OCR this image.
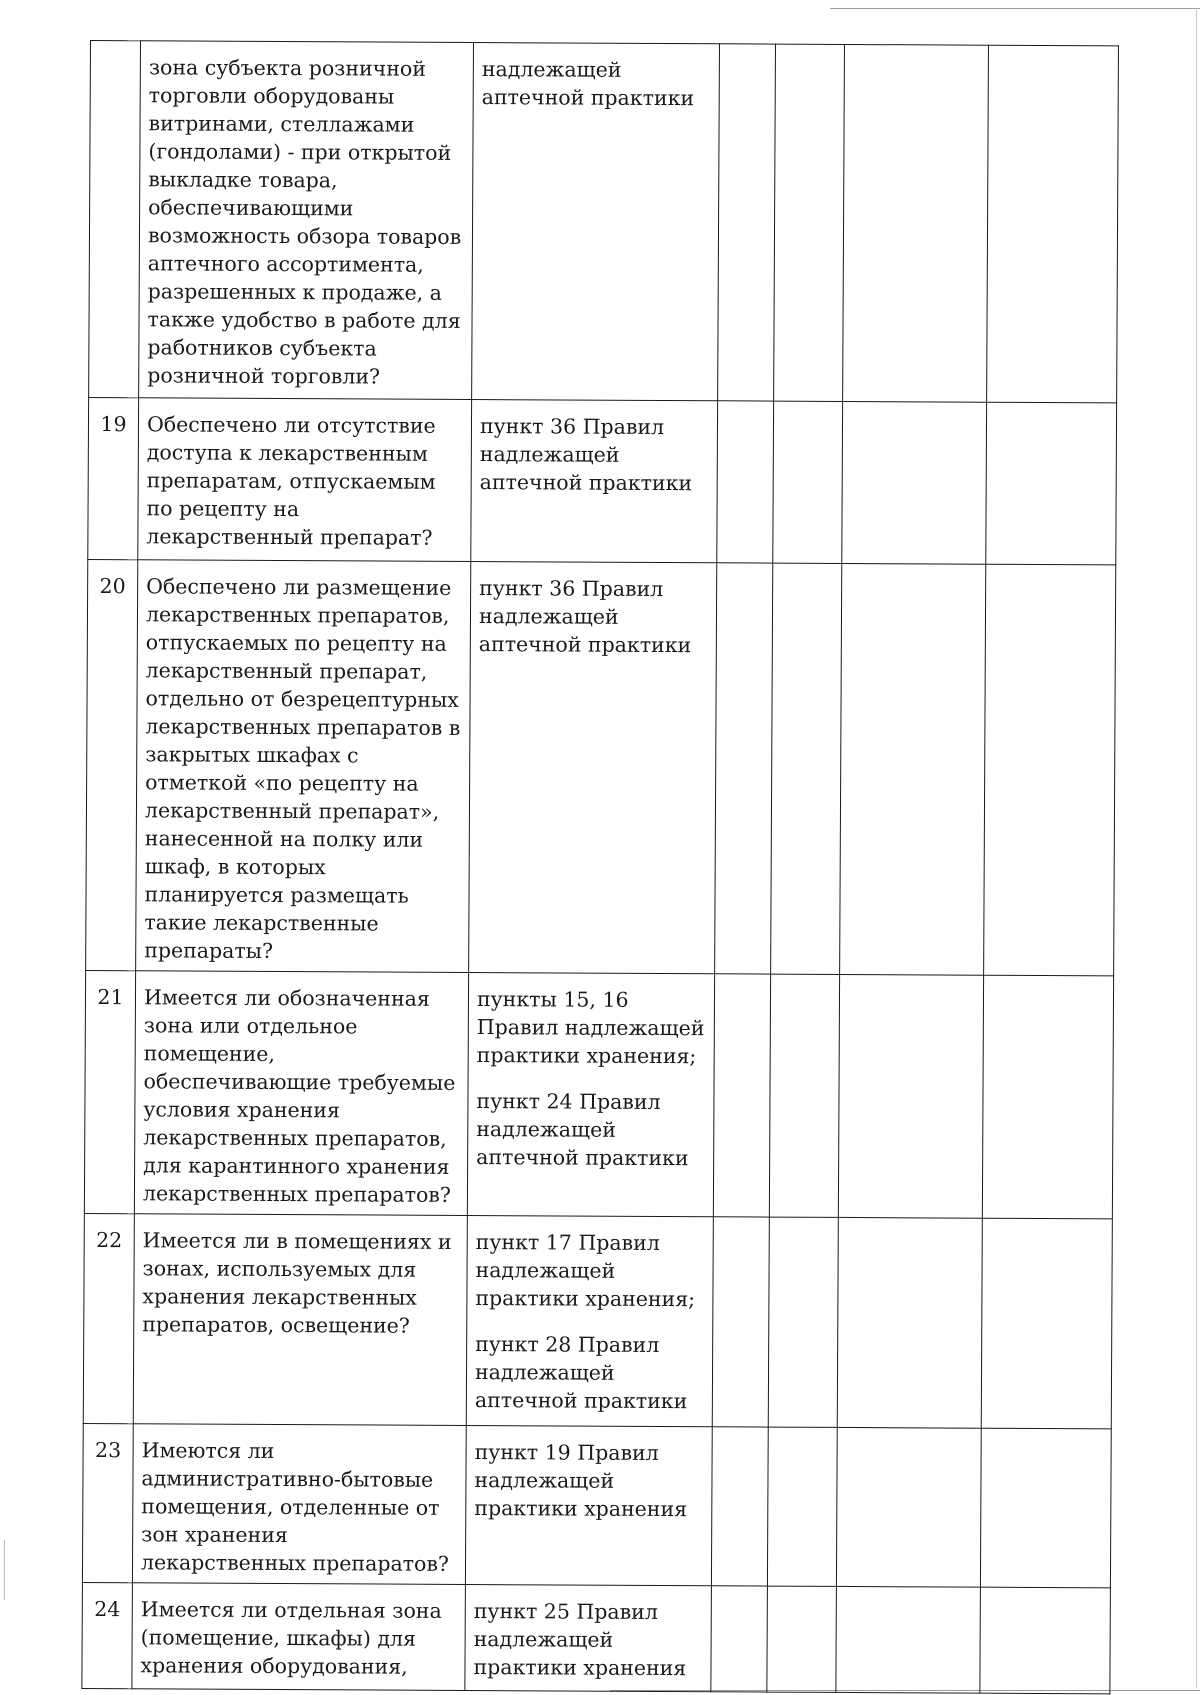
	зона субъекта розничной торговли оборудованы витринами, стеллажами (гондолами) - при открытой выкладке товара, обеспечивающими возможность обзора товаров аптечного ассортимента, разрешенных к продаже, а также удобство в работе для работников субъекта розничной торговли?	надлежащей аптечной практики				

19	Обеспечено ли отсутствие доступа к лекарственным препаратам, отпускаемым по рецепту на лекарственный препарат?	пункт 36 Правил надлежащей аптечной практики				

20	Обеспечено ли размещение лекарственных препаратов, отпускаемых по рецепту на лекарственный препарат, отдельно от безрецептурных лекарственных препаратов в закрытых шкафах с отметкой «по рецепту на лекарственный препарат», нанесенной на полку или шкаф, в которых планируется размещать такие лекарственные препараты?	пункт 36 Правил надлежащей аптечной практики				

21	Имеется ли обозначенная зона или отдельное помещение, обеспечивающие требуемые условия хранения лекарственных препаратов, для карантинного хранения лекарственных препаратов?	пункты 15, 16 Правил надлежащей практики хранения;
пункт 24 Правил надлежащей аптечной практики				

22	Имеется ли в помещениях и зонах, используемых для хранения лекарственных препаратов, освещение?	пункт 17 Правил надлежащей практики хранения;
пункт 28 Правил надлежащей аптечной практики				

23	Имеются ли административно-бытовые помещения, отделенные от зон хранения лекарственных препаратов?	пункт 19 Правил надлежащей практики хранения				

24	Имеется ли отдельная зона (помещение, шкафы) для хранения оборудования,	пункт 25 Правил надлежащей практики хранения				
